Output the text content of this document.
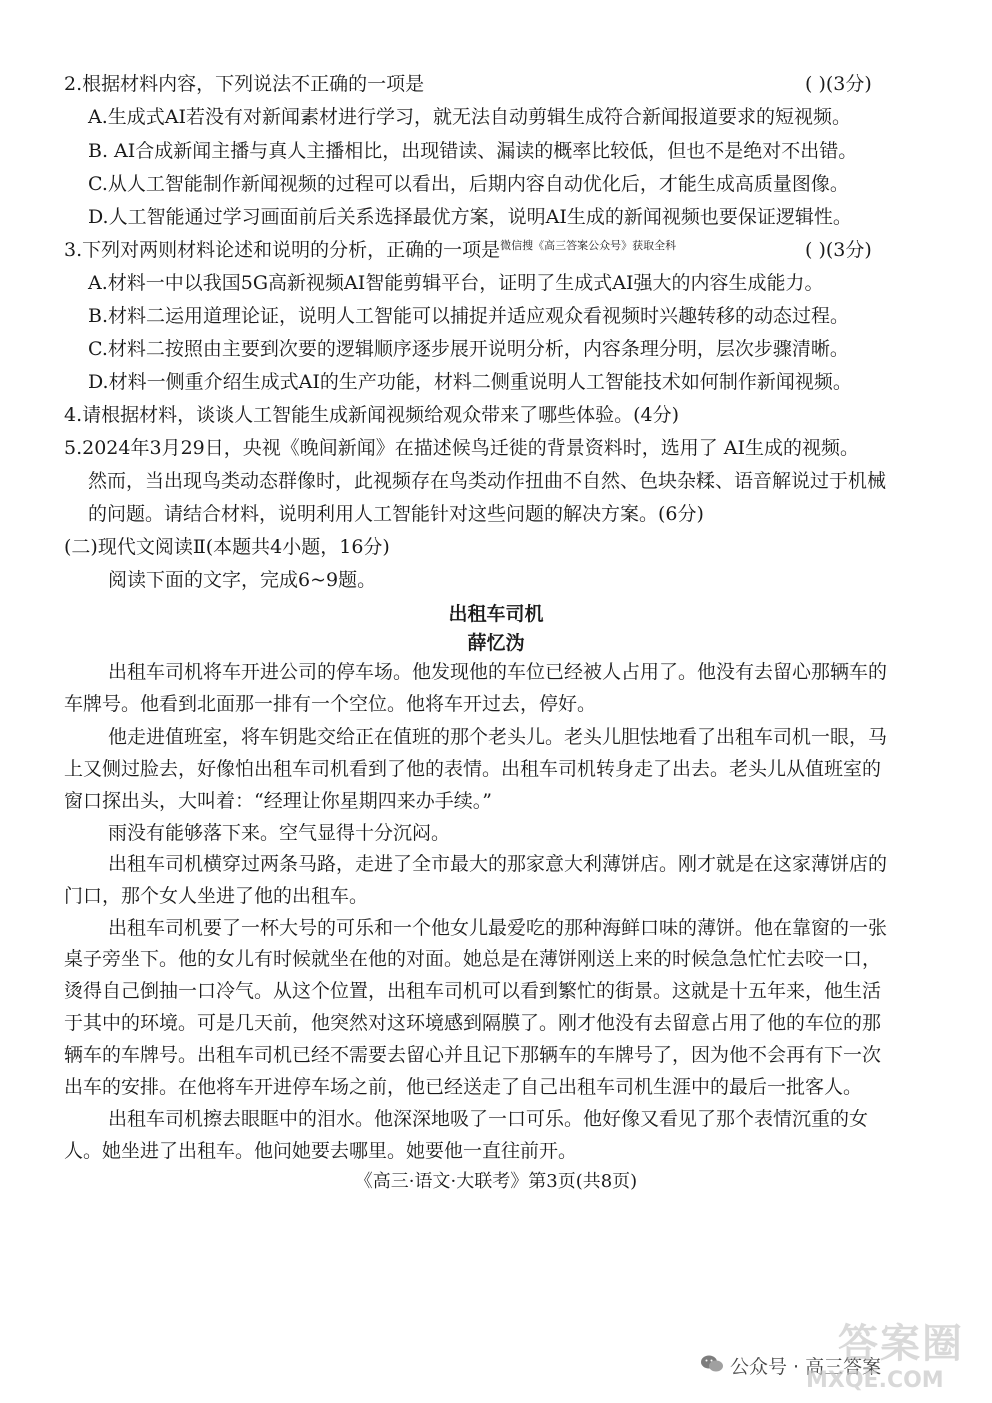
2.根据材料内容，下列说法不正确的一项是	( )(3分)
A.生成式AI若没有对新闻素材进行学习，就无法自动剪辑生成符合新闻报道要求的短视频。
B. AI合成新闻主播与真人主播相比，出现错读、漏读的概率比较低，但也不是绝对不出错。
C.从人工智能制作新闻视频的过程可以看出，后期内容自动优化后，才能生成高质量图像。
D.人工智能通过学习画面前后关系选择最优方案，说明AI生成的新闻视频也要保证逻辑性。
3.下列对两则材料论述和说明的分析，正确的一项是$^{微信搜《高三答案公众号》获取全科}$	( )(3分)
A.材料一中以我国5G高新视频AI智能剪辑平台，证明了生成式AI强大的内容生成能力。
B.材料二运用道理论证，说明人工智能可以捕捉并适应观众看视频时兴趣转移的动态过程。
C.材料二按照由主要到次要的逻辑顺序逐步展开说明分析，内容条理分明，层次步骤清晰。
D.材料一侧重介绍生成式AI的生产功能，材料二侧重说明人工智能技术如何制作新闻视频。
4.请根据材料，谈谈人工智能生成新闻视频给观众带来了哪些体验。(4分)
5.2024年3月29日，央视《晚间新闻》在描述候鸟迁徙的背景资料时，选用了 AI生成的视频。
然而，当出现鸟类动态群像时，此视频存在鸟类动作扭曲不自然、色块杂糅、语音解说过于机械
的问题。请结合材料，说明利用人工智能针对这些问题的解决方案。(6分)
(二)现代文阅读Ⅱ(本题共4小题，16分)
阅读下面的文字，完成6~9题。
出租车司机
薛忆沩
出租车司机将车开进公司的停车场。他发现他的车位已经被人占用了。他没有去留心那辆车的
车牌号。他看到北面那一排有一个空位。他将车开过去，停好。
他走进值班室，将车钥匙交给正在值班的那个老头儿。老头儿胆怯地看了出租车司机一眼，马
上又侧过脸去，好像怕出租车司机看到了他的表情。出租车司机转身走了出去。老头儿从值班室的
窗口探出头，大叫着：“经理让你星期四来办手续。”
雨没有能够落下来。空气显得十分沉闷。
出租车司机横穿过两条马路，走进了全市最大的那家意大利薄饼店。刚才就是在这家薄饼店的
门口，那个女人坐进了他的出租车。
出租车司机要了一杯大号的可乐和一个他女儿最爱吃的那种海鲜口味的薄饼。他在靠窗的一张
桌子旁坐下。他的女儿有时候就坐在他的对面。她总是在薄饼刚送上来的时候急急忙忙去咬一口，
烫得自己倒抽一口冷气。从这个位置，出租车司机可以看到繁忙的街景。这就是十五年来，他生活
于其中的环境。可是几天前，他突然对这环境感到隔膜了。刚才他没有去留意占用了他的车位的那
辆车的车牌号。出租车司机已经不需要去留心并且记下那辆车的车牌号了，因为他不会再有下一次
出车的安排。在他将车开进停车场之前，他已经送走了自己出租车司机生涯中的最后一批客人。
出租车司机擦去眼眶中的泪水。他深深地吸了一口可乐。他好像又看见了那个表情沉重的女
人。她坐进了出租车。他问她要去哪里。她要他一直往前开。
《高三·语文·大联考》第3页(共8页)
公众号 · 高三答案
答案圈
MXQE.COM
